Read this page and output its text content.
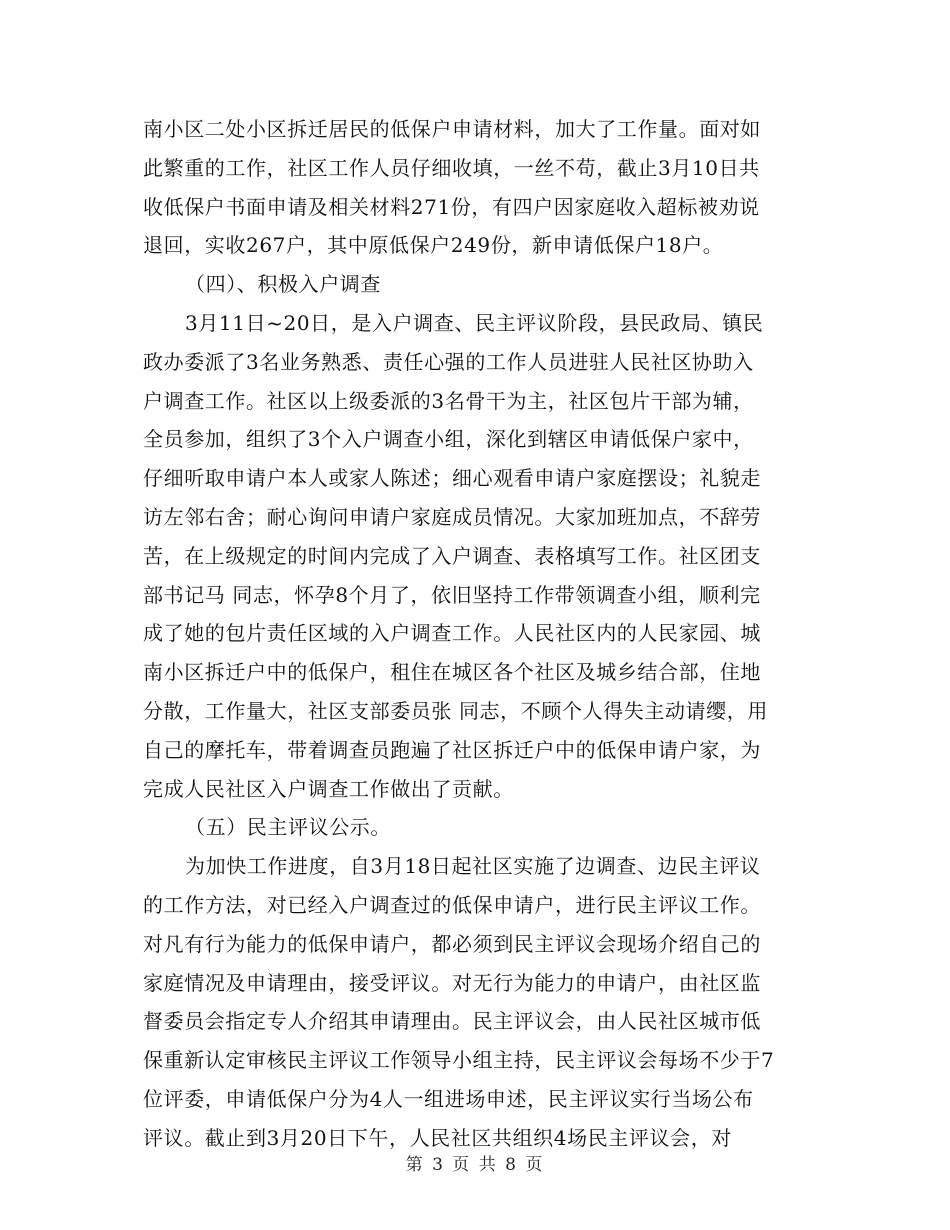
南小区二处小区拆迁居民的低保户申请材料，加大了工作量。面对如
此繁重的工作，社区工作人员仔细收填，一丝不苟，截止3月10日共
收低保户书面申请及相关材料271份，有四户因家庭收入超标被劝说
退回，实收267户，其中原低保户249份，新申请低保户18户。
（四）、积极入户调查
3月11日~20日，是入户调查、民主评议阶段，县民政局、镇民
政办委派了3名业务熟悉、责任心强的工作人员进驻人民社区协助入
户调查工作。社区以上级委派的3名骨干为主，社区包片干部为辅，
全员参加，组织了3个入户调查小组，深化到辖区申请低保户家中，
仔细听取申请户本人或家人陈述；细心观看申请户家庭摆设；礼貌走
访左邻右舍；耐心询问申请户家庭成员情况。大家加班加点，不辞劳
苦，在上级规定的时间内完成了入户调查、表格填写工作。社区团支
部书记马 同志，怀孕8个月了，依旧坚持工作带领调查小组，顺利完
成了她的包片责任区域的入户调查工作。人民社区内的人民家园、城
南小区拆迁户中的低保户，租住在城区各个社区及城乡结合部，住地
分散，工作量大，社区支部委员张 同志，不顾个人得失主动请缨，用
自己的摩托车，带着调查员跑遍了社区拆迁户中的低保申请户家，为
完成人民社区入户调查工作做出了贡献。
（五）民主评议公示。
为加快工作进度，自3月18日起社区实施了边调查、边民主评议
的工作方法，对已经入户调查过的低保申请户，进行民主评议工作。
对凡有行为能力的低保申请户，都必须到民主评议会现场介绍自己的
家庭情况及申请理由，接受评议。对无行为能力的申请户，由社区监
督委员会指定专人介绍其申请理由。民主评议会，由人民社区城市低
保重新认定审核民主评议工作领导小组主持，民主评议会每场不少于7
位评委，申请低保户分为4人一组进场申述，民主评议实行当场公布
评议。截止到3月20日下午，人民社区共组织4场民主评议会，对
第 3 页 共 8 页
